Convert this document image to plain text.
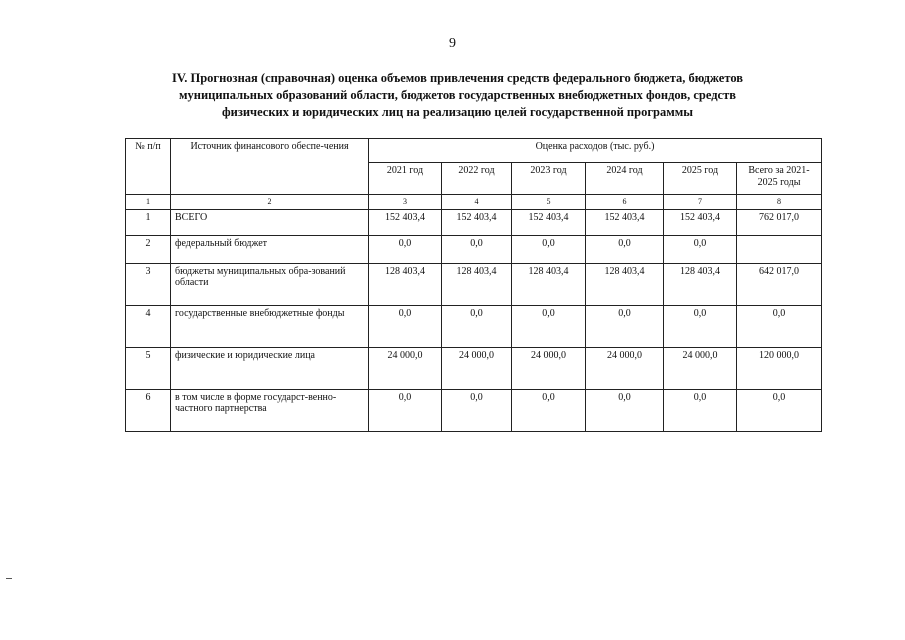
9
IV. Прогнозная (справочная) оценка объемов привлечения средств федерального бюджета, бюджетов
муниципальных образований области, бюджетов государственных внебюджетных фондов, средств
физических и юридических лиц на реализацию целей государственной программы
№ п/п	Источник финансового обеспе-чения	Оценка расходов (тыс. руб.)					
		2021 год	2022 год	2023 год	2024 год	2025 год	Всего за 2021-2025 годы
1	2	3	4	5	6	7	8
1	ВСЕГО	152 403,4	152 403,4	152 403,4	152 403,4	152 403,4	762 017,0
2	федеральный бюджет	0,0	0,0	0,0	0,0	0,0	
3	бюджеты муниципальных обра-зований области	128 403,4	128 403,4	128 403,4	128 403,4	128 403,4	642 017,0
4	государственные внебюджетные фонды	0,0	0,0	0,0	0,0	0,0	0,0
5	физические и юридические лица	24 000,0	24 000,0	24 000,0	24 000,0	24 000,0	120 000,0
6	в том числе в форме государст-венно-частного партнерства	0,0	0,0	0,0	0,0	0,0	0,0
